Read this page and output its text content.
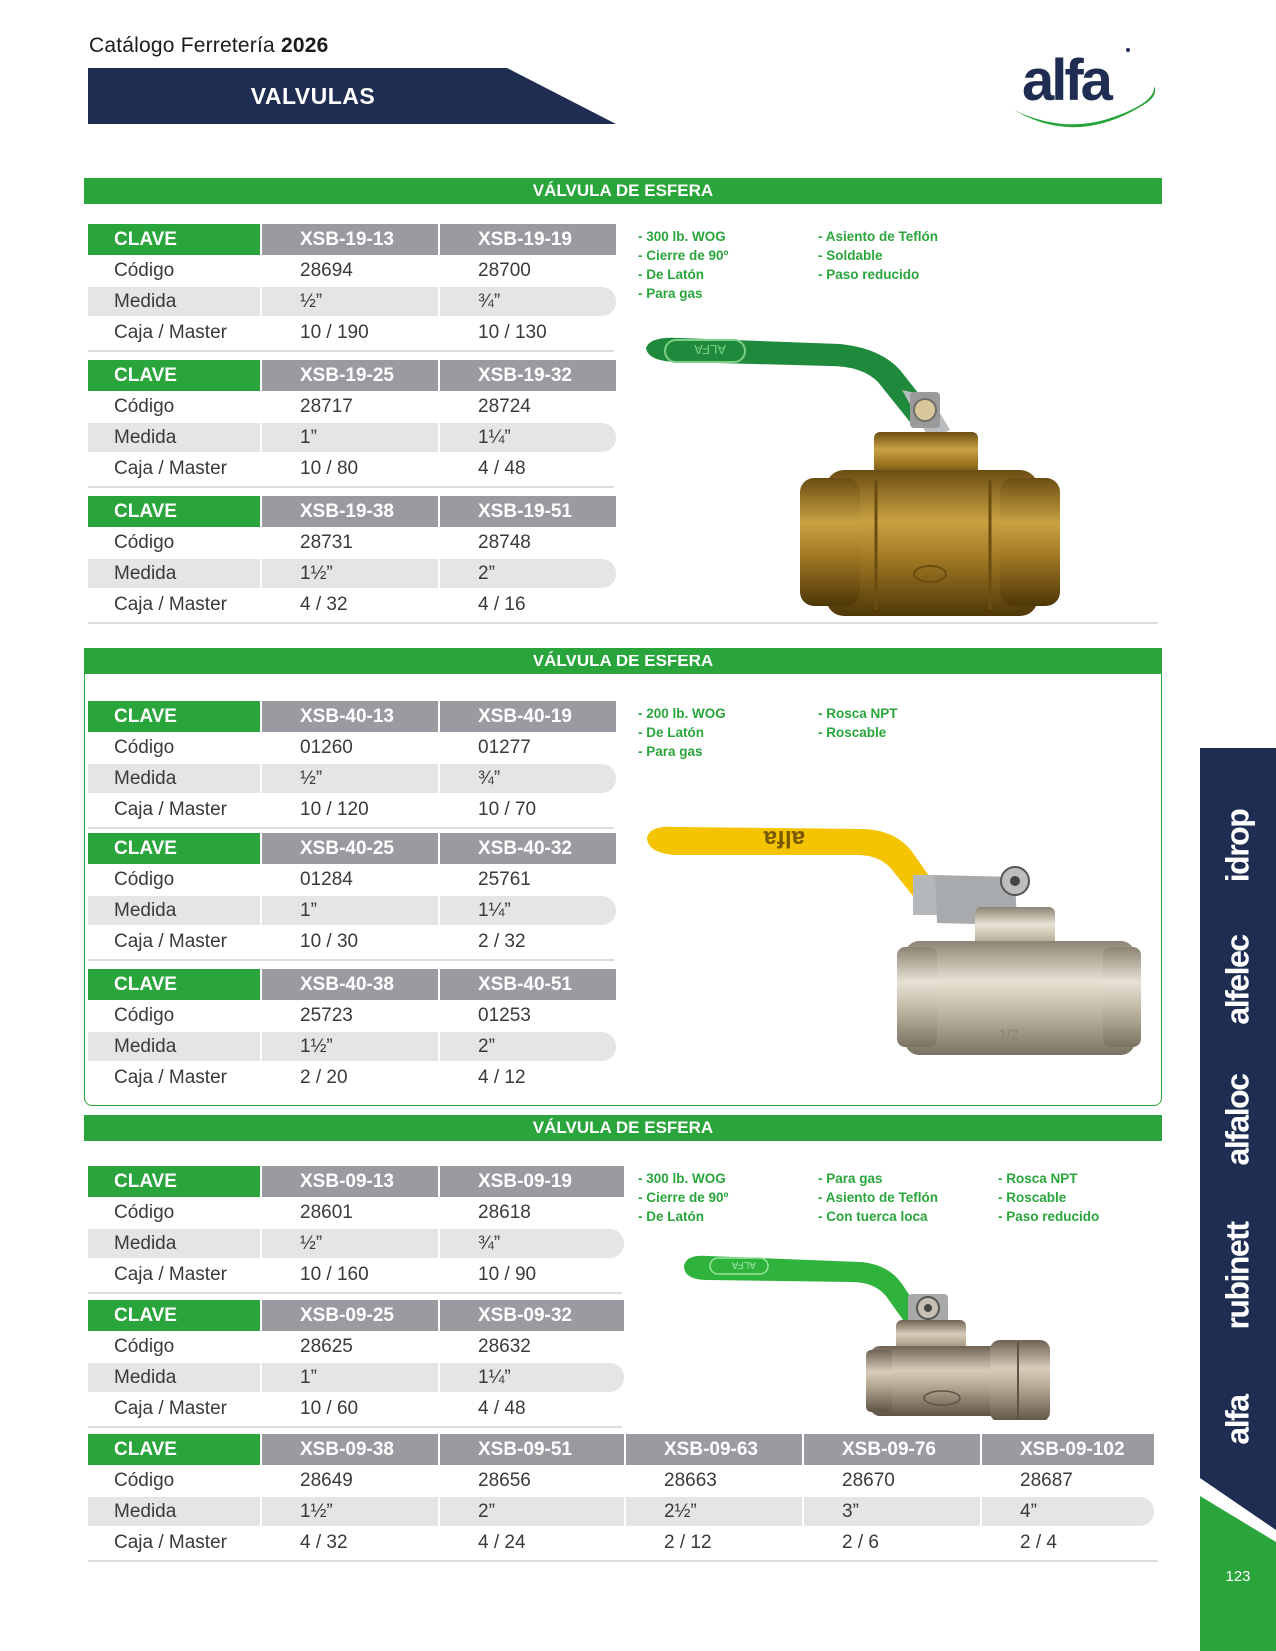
Catálogo Ferretería 2026
VALVULAS	alfa
VÁLVULA DE ESFERA
VÁLVULA DE ESFERA
VÁLVULA DE ESFERA
CLAVE	XSB-19-13	XSB-19-19
Código	28694	28700
Medida	½”	¾”
Caja / Master	10 / 190	10 / 130
CLAVE	XSB-19-25	XSB-19-32
Código	28717	28724
Medida	1”	1¼”
Caja / Master	10 / 80	4 / 48
CLAVE	XSB-19-38	XSB-19-51
Código	28731	28748
Medida	1½”	2”
Caja / Master	4 / 32	4 / 16
- 300 lb. WOG
- Cierre de 90º
- De Latón
- Para gas
- Asiento de Teflón
- Soldable
- Paso reducido
ALFA
CLAVE	XSB-40-13	XSB-40-19
Código	01260	01277
Medida	½”	¾”
Caja / Master	10 / 120	10 / 70
CLAVE	XSB-40-25	XSB-40-32
Código	01284	25761
Medida	1”	1¼”
Caja / Master	10 / 30	2 / 32
CLAVE	XSB-40-38	XSB-40-51
Código	25723	01253
Medida	1½”	2”
Caja / Master	2 / 20	4 / 12
- 200 lb. WOG
- De Latón
- Para gas
- Rosca NPT
- Roscable
alfa
1/2
CLAVE	XSB-09-13	XSB-09-19
Código	28601	28618
Medida	½”	¾”
Caja / Master	10 / 160	10 / 90
CLAVE	XSB-09-25	XSB-09-32
Código	28625	28632
Medida	1”	1¼”
Caja / Master	10 / 60	4 / 48
CLAVE	XSB-09-38	XSB-09-51	XSB-09-63	XSB-09-76	XSB-09-102
Código	28649	28656	28663	28670	28687
Medida	1½”	2”	2½”	3”	4”
Caja / Master	4 / 32	4 / 24	2 / 12	2 / 6	2 / 4
- 300 lb. WOG
- Cierre de 90º
- De Latón
- Para gas
- Asiento de Teflón
- Con tuerca loca
- Rosca NPT
- Roscable
- Paso reducido
ALFA
idrop
alfelec
alfaloc
rubinett
alfa
123
